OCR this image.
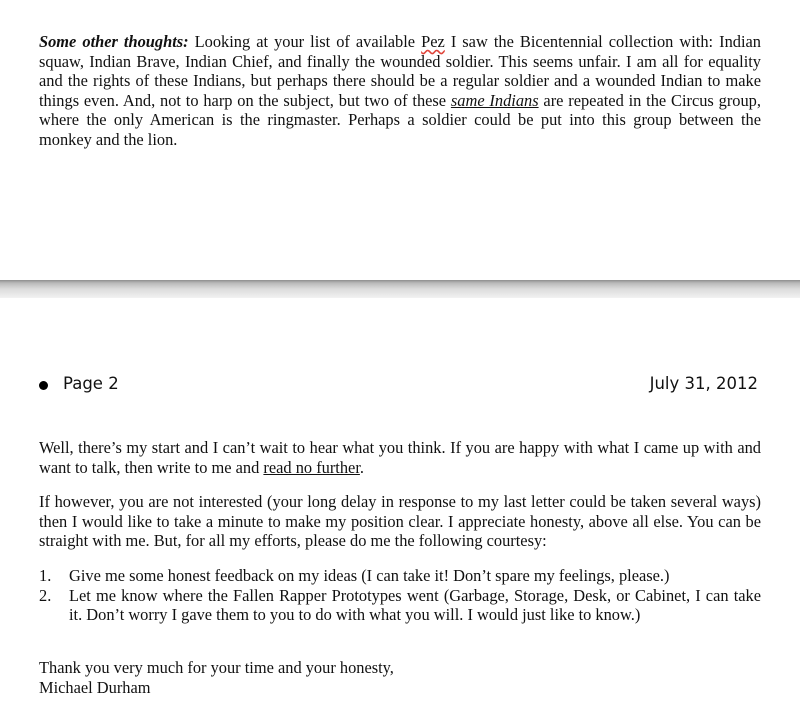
Some other thoughts: Looking at your list of available Pez I saw the Bicentennial collection with: Indian squaw, Indian Brave, Indian Chief, and finally the wounded soldier. This seems unfair. I am all for equality and the rights of these Indians, but perhaps there should be a regular soldier and a wounded Indian to make things even. And, not to harp on the subject, but two of these same Indians are repeated in the Circus group, where the only American is the ringmaster. Perhaps a soldier could be put into this group between the monkey and the lion.

Page 2	July 31, 2012

Well, there’s my start and I can’t wait to hear what you think. If you are happy with what I came up with and want to talk, then write to me and read no further.

If however, you are not interested (your long delay in response to my last letter could be taken several ways) then I would like to take a minute to make my position clear. I appreciate honesty, above all else. You can be straight with me. But, for all my efforts, please do me the following courtesy:

1. Give me some honest feedback on my ideas (I can take it! Don’t spare my feelings, please.)
2. Let me know where the Fallen Rapper Prototypes went (Garbage, Storage, Desk, or Cabinet, I can take it. Don’t worry I gave them to you to do with what you will. I would just like to know.)
Thank you very much for your time and your honesty,
Michael Durham
